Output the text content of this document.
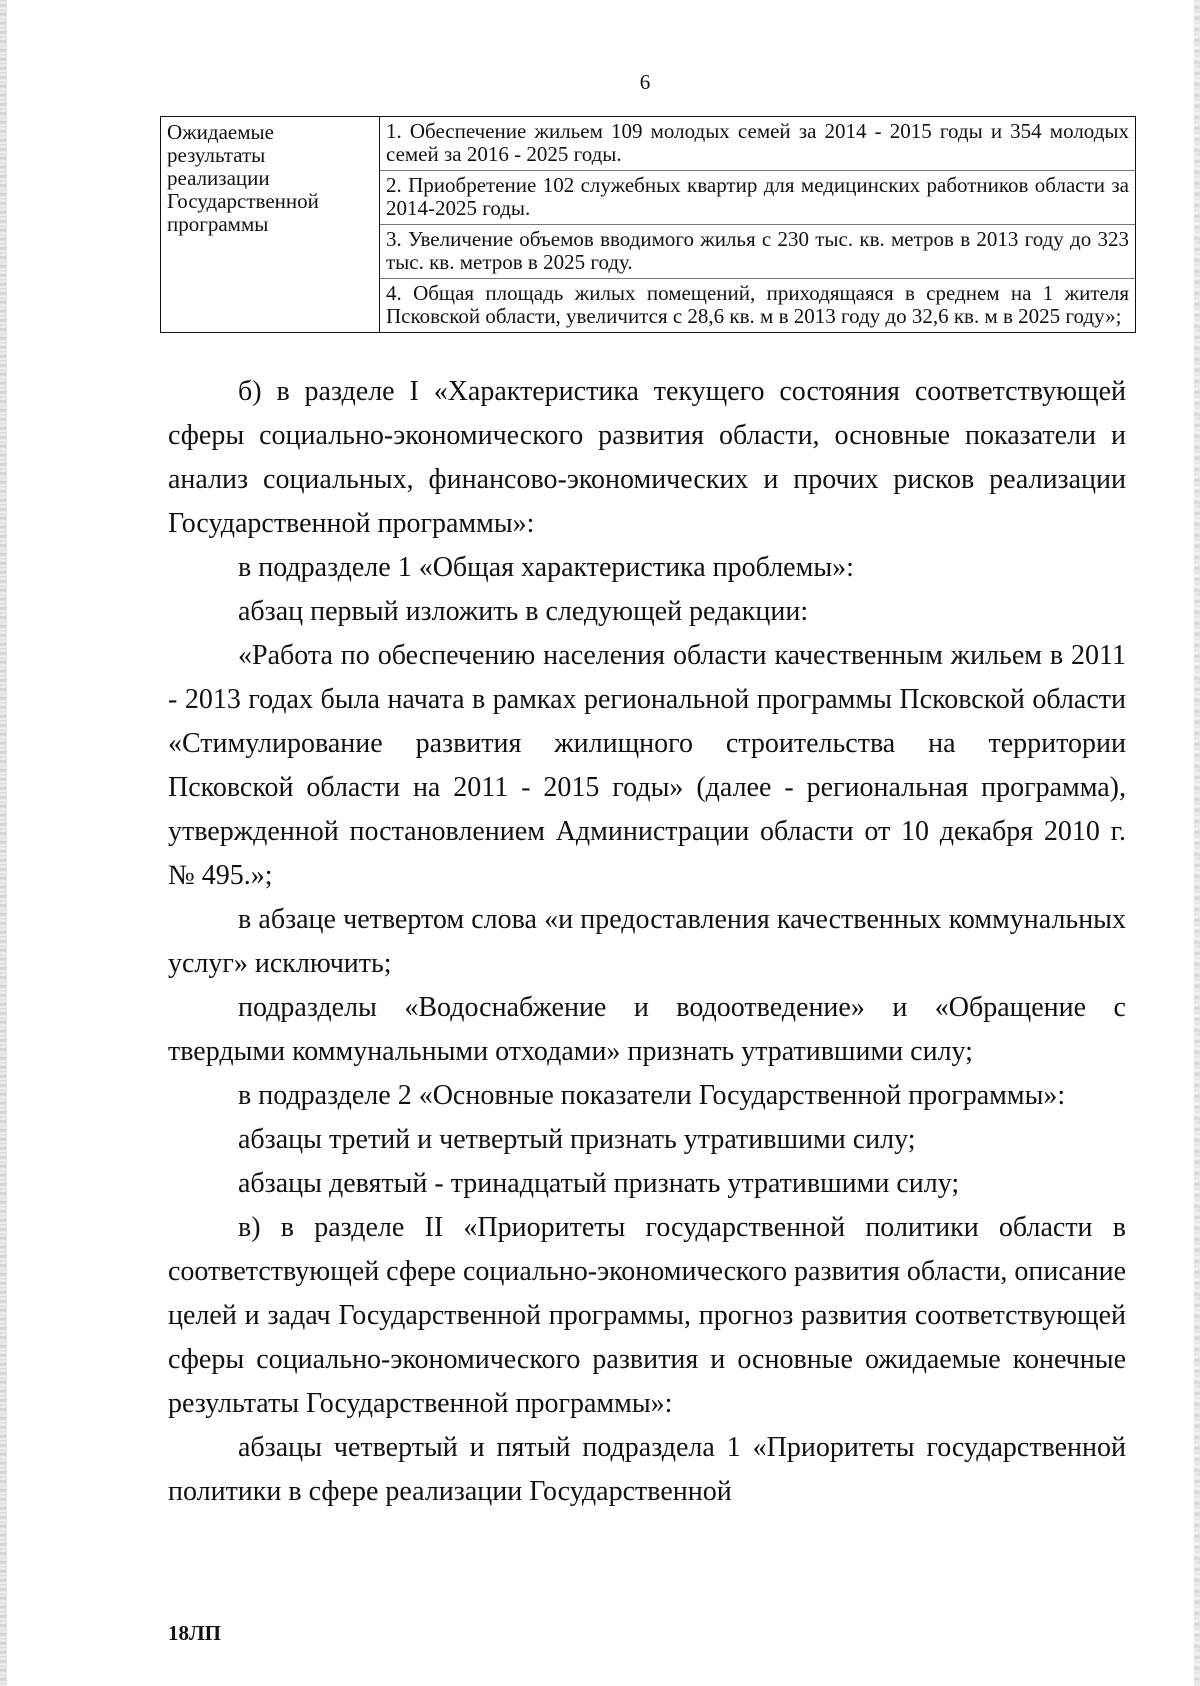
6
Ожидаемые результаты реализации Государственной программы	
1. Обеспечение жильем 109 молодых семей за 2014 - 2015 годы и 354 молодых семей за 2016 - 2025 годы.
2. Приобретение 102 служебных квартир для медицинских работников области за 2014-2025 годы.
3. Увеличение объемов вводимого жилья с 230 тыс. кв. метров в 2013 году до 323 тыс. кв. метров в 2025 году.
4. Общая площадь жилых помещений, приходящаяся в среднем на 1 жителя Псковской области, увеличится с 28,6 кв. м в 2013 году до 32,6 кв. м в 2025 году»;

б) в разделе I «Характеристика текущего состояния соответствующей сферы социально-экономического развития области, основные показатели и анализ социальных, финансово-экономических и прочих рисков реализации Государственной программы»:

в подразделе 1 «Общая характеристика проблемы»:

абзац первый изложить в следующей редакции:

«Работа по обеспечению населения области качественным жильем в 2011 - 2013 годах была начата в рамках региональной программы Псковской области «Стимулирование развития жилищного строительства на территории Псковской области на 2011 - 2015 годы» (далее - региональная программа), утвержденной постановлением Администрации области от 10 декабря 2010 г. № 495.»;

в абзаце четвертом слова «и предоставления качественных коммунальных услуг» исключить;

подразделы «Водоснабжение и водоотведение» и «Обращение с твердыми коммунальными отходами» признать утратившими силу;

в подразделе 2 «Основные показатели Государственной программы»:

абзацы третий и четвертый признать утратившими силу;

абзацы девятый - тринадцатый признать утратившими силу;

в) в разделе II «Приоритеты государственной политики области в соответствующей сфере социально-экономического развития области, описание целей и задач Государственной программы, прогноз развития соответствующей сферы социально-экономического развития и основные ожидаемые конечные результаты Государственной программы»:

абзацы четвертый и пятый подраздела 1 «Приоритеты государственной политики в сфере реализации Государственной

18ЛП
